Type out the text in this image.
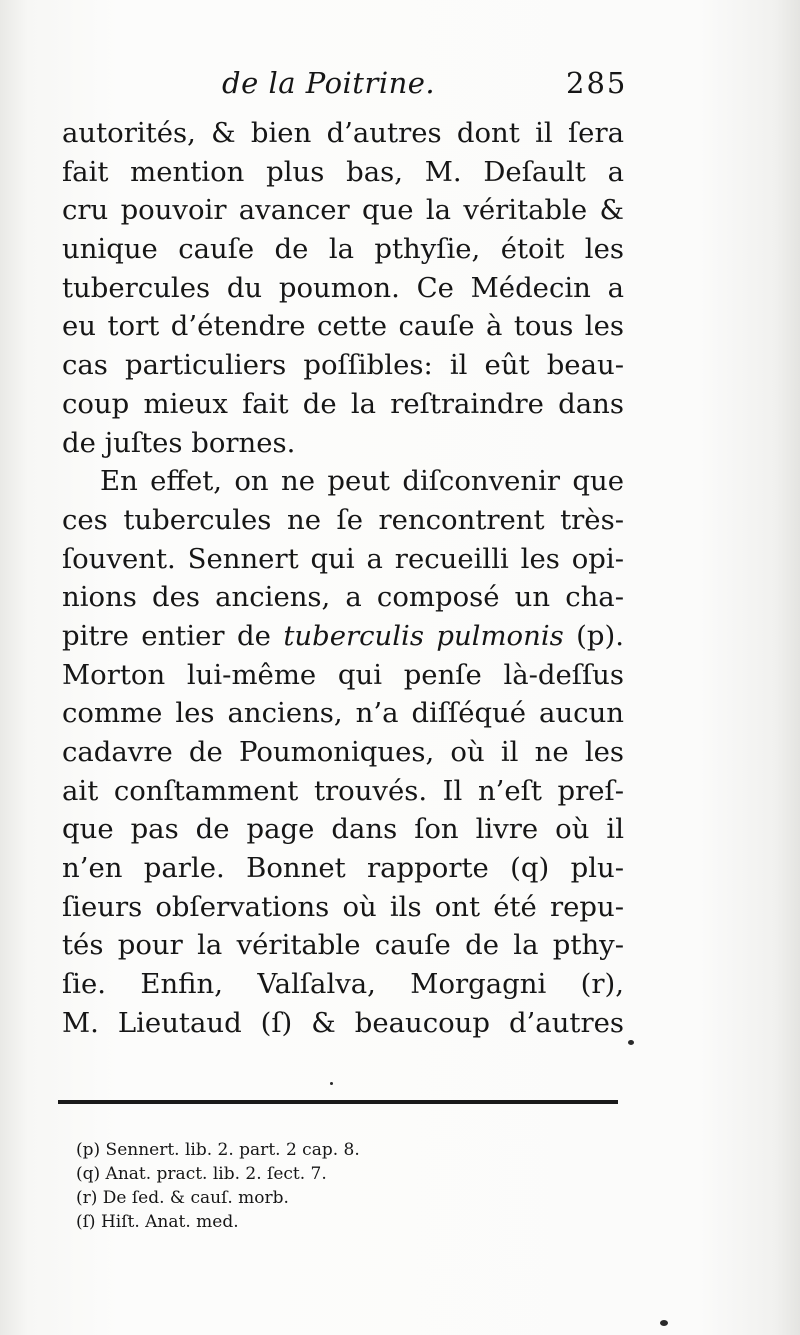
de la Poitrine.	285
autorités, & bien d’autres dont il ſera
fait mention plus bas, M. Deſault a
cru pouvoir avancer que la véritable &
unique cauſe de la pthyſie, étoit les
tubercules du poumon. Ce Médecin a
eu tort d’étendre cette cauſe à tous les
cas particuliers poſſibles: il eût beau-
coup mieux fait de la reſtraindre dans
de juſtes bornes.
En effet, on ne peut diſconvenir que
ces tubercules ne ſe rencontrent très-
ſouvent. Sennert qui a recueilli les opi-
nions des anciens, a composé un cha-
pitre entier de tuberculis pulmonis (p).
Morton lui-même qui penſe là-deſſus
comme les anciens, n’a diſſéqué aucun
cadavre de Poumoniques, où il ne les
ait conſtamment trouvés. Il n’eſt preſ-
que pas de page dans ſon livre où il
n’en parle. Bonnet rapporte (q) plu-
ſieurs obſervations où ils ont été repu-
tés pour la véritable cauſe de la pthy-
ſie. Enfin, Valſalva, Morgagni (r),
M. Lieutaud (ſ) & beaucoup d’autres
(p) Sennert. lib. 2. part. 2 cap. 8.
(q) Anat. pract. lib. 2. ſect. 7.
(r) De ſed. & cauſ. morb.
(ſ) Hiſt. Anat. med.
